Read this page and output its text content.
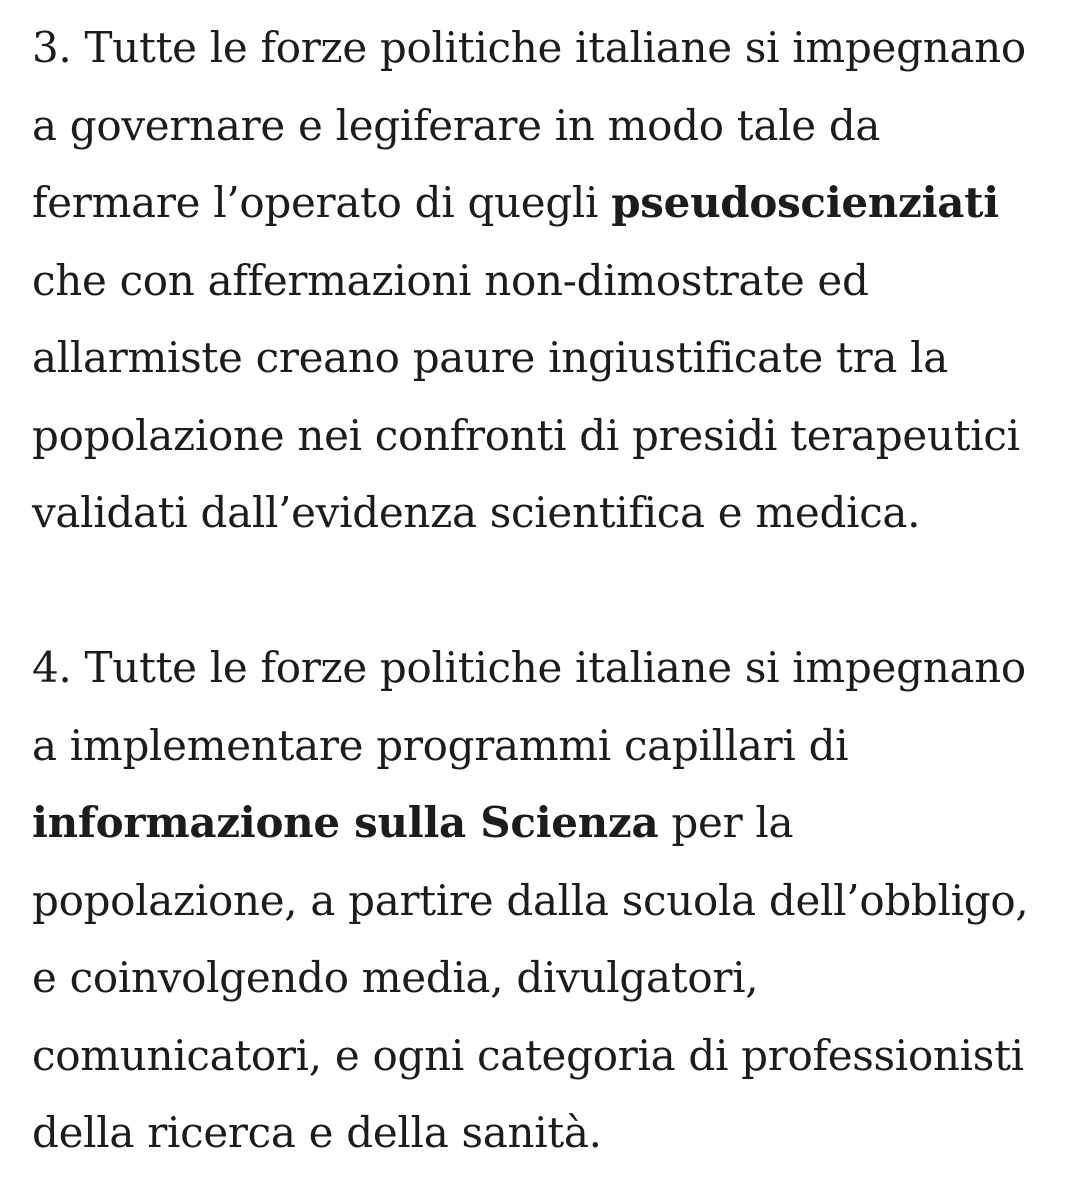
3. Tutte le forze politiche italiane si impegnano
a governare e legiferare in modo tale da
fermare l’operato di quegli pseudoscienziati
che con affermazioni non-dimostrate ed
allarmiste creano paure ingiustificate tra la
popolazione nei confronti di presidi terapeutici
validati dall’evidenza scientifica e medica.

4. Tutte le forze politiche italiane si impegnano
a implementare programmi capillari di
informazione sulla Scienza per la
popolazione, a partire dalla scuola dell’obbligo,
e coinvolgendo media, divulgatori,
comunicatori, e ogni categoria di professionisti
della ricerca e della sanità.
